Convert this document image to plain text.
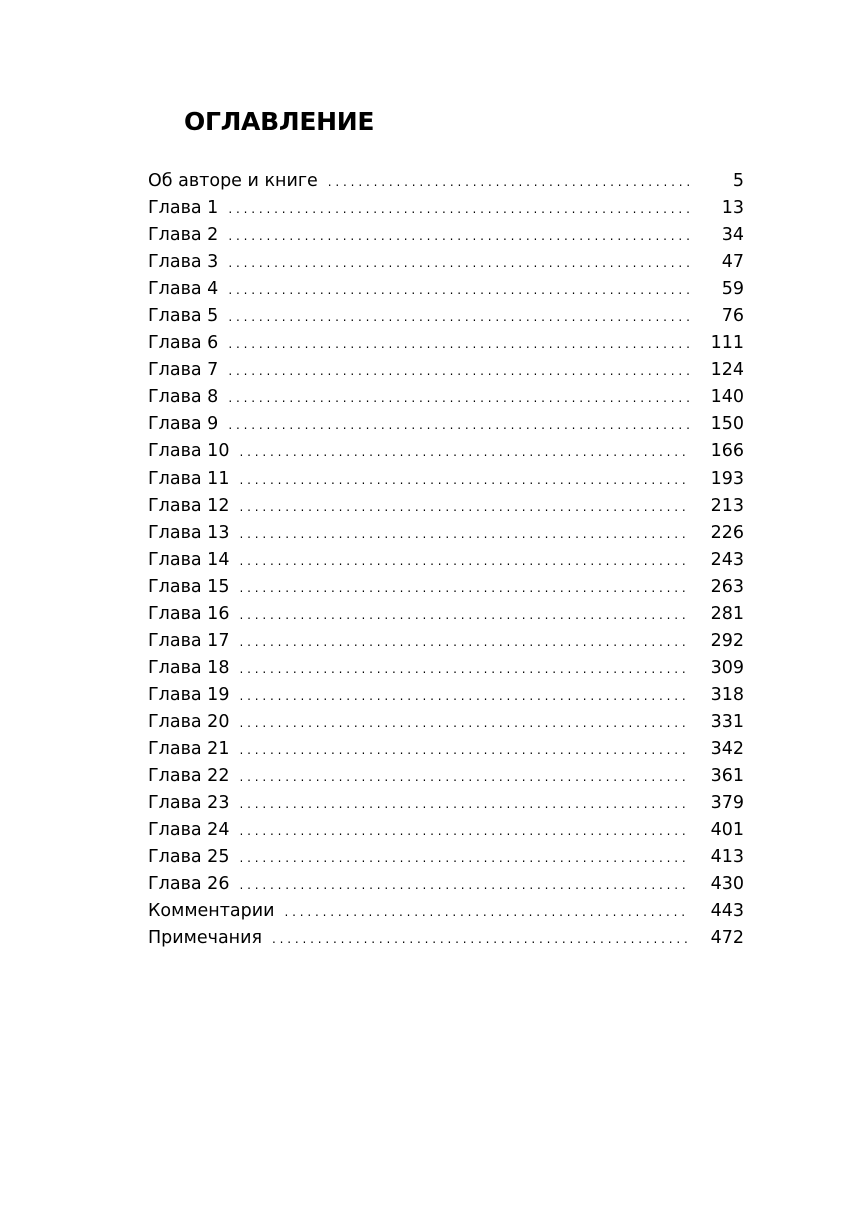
ОГЛАВЛЕНИЕ
Об авторе и книге . . .	5
Глава 1 . . .	13
Глава 2 . . .	34
Глава 3 . . .	47
Глава 4 . . .	59
Глава 5 . . .	76
Глава 6 . . .	111
Глава 7 . . .	124
Глава 8 . . .	140
Глава 9 . . .	150
Глава 10 . . .	166
Глава 11 . . .	193
Глава 12 . . .	213
Глава 13 . . .	226
Глава 14 . . .	243
Глава 15 . . .	263
Глава 16 . . .	281
Глава 17 . . .	292
Глава 18 . . .	309
Глава 19 . . .	318
Глава 20 . . .	331
Глава 21 . . .	342
Глава 22 . . .	361
Глава 23 . . .	379
Глава 24 . . .	401
Глава 25 . . .	413
Глава 26 . . .	430
Комментарии . . .	443
Примечания . . .	472
